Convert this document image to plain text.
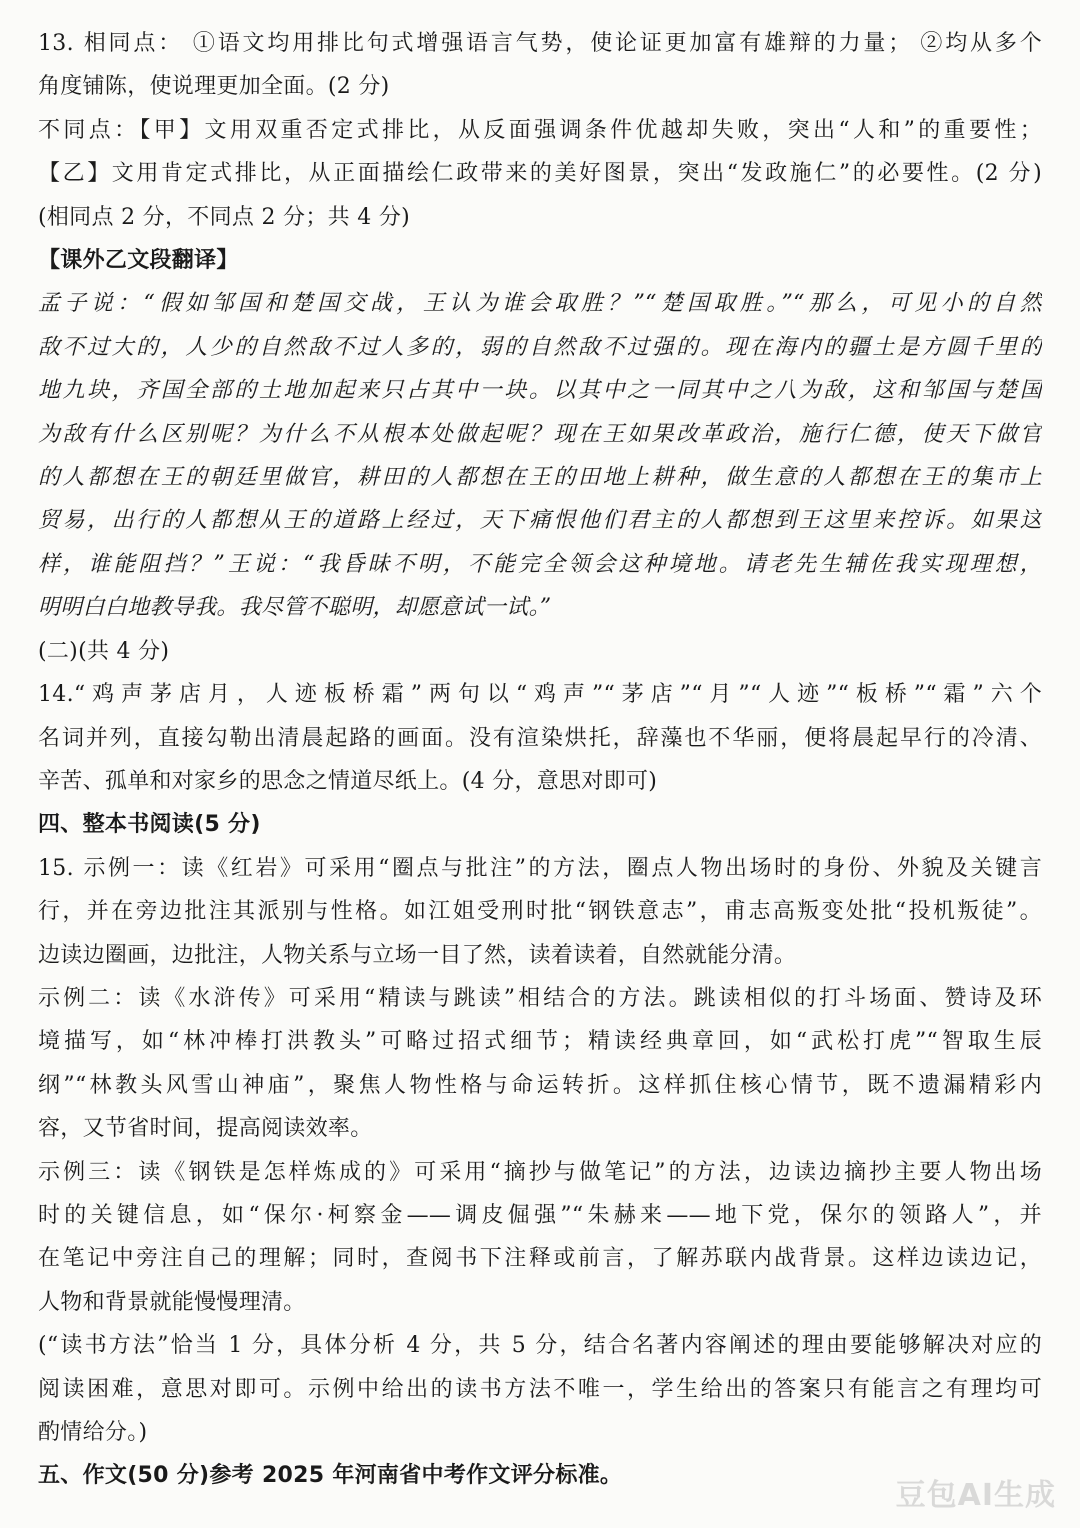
13. 相同点： ①语文均用排比句式增强语言气势，使论证更加富有雄辩的力量； ②均从多个
角度铺陈，使说理更加全面。(2 分)
不同点：【甲】文用双重否定式排比，从反面强调条件优越却失败，突出“人和”的重要性；
【乙】文用肯定式排比，从正面描绘仁政带来的美好图景，突出“发政施仁”的必要性。(2 分)
(相同点 2 分，不同点 2 分；共 4 分)
【课外乙文段翻译】
孟子说：“假如邹国和楚国交战，王认为谁会取胜？”“楚国取胜。”“那么，可见小的自然
敌不过大的，人少的自然敌不过人多的，弱的自然敌不过强的。现在海内的疆土是方圆千里的
地九块，齐国全部的土地加起来只占其中一块。以其中之一同其中之八为敌，这和邹国与楚国
为敌有什么区别呢？为什么不从根本处做起呢？现在王如果改革政治，施行仁德，使天下做官
的人都想在王的朝廷里做官，耕田的人都想在王的田地上耕种，做生意的人都想在王的集市上
贸易，出行的人都想从王的道路上经过，天下痛恨他们君主的人都想到王这里来控诉。如果这
样，谁能阻挡？”王说：“我昏昧不明，不能完全领会这种境地。请老先生辅佐我实现理想，
明明白白地教导我。我尽管不聪明，却愿意试一试。”
(二)(共 4 分)
14.“鸡声茅店月，人迹板桥霜”两句以“鸡声”“茅店”“月”“人迹”“板桥”“霜”六个
名词并列，直接勾勒出清晨起路的画面。没有渲染烘托，辞藻也不华丽，便将晨起早行的冷清、
辛苦、孤单和对家乡的思念之情道尽纸上。(4 分，意思对即可)
四、整本书阅读(5 分)
15. 示例一：读《红岩》可采用“圈点与批注”的方法，圈点人物出场时的身份、外貌及关键言
行，并在旁边批注其派别与性格。如江姐受刑时批“钢铁意志”，甫志高叛变处批“投机叛徒”。
边读边圈画，边批注，人物关系与立场一目了然，读着读着，自然就能分清。
示例二：读《水浒传》可采用“精读与跳读”相结合的方法。跳读相似的打斗场面、赞诗及环
境描写，如“林冲棒打洪教头”可略过招式细节；精读经典章回，如“武松打虎”“智取生辰
纲”“林教头风雪山神庙”，聚焦人物性格与命运转折。这样抓住核心情节，既不遗漏精彩内
容，又节省时间，提高阅读效率。
示例三：读《钢铁是怎样炼成的》可采用“摘抄与做笔记”的方法，边读边摘抄主要人物出场
时的关键信息，如“保尔·柯察金——调皮倔强”“朱赫来——地下党，保尔的领路人”，并
在笔记中旁注自己的理解；同时，查阅书下注释或前言，了解苏联内战背景。这样边读边记，
人物和背景就能慢慢理清。
(“读书方法”恰当 1 分，具体分析 4 分，共 5 分，结合名著内容阐述的理由要能够解决对应的
阅读困难，意思对即可。示例中给出的读书方法不唯一，学生给出的答案只有能言之有理均可
酌情给分。)
五、作文(50 分)参考 2025 年河南省中考作文评分标准。
豆包AI生成
